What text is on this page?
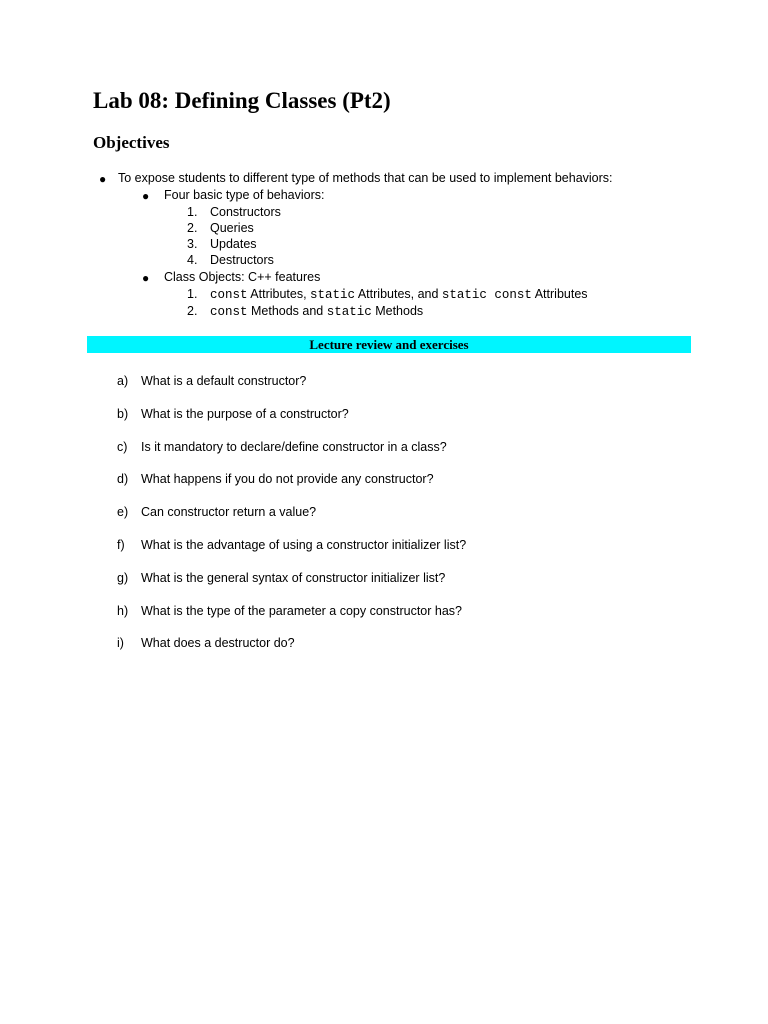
Lab 08: Defining Classes (Pt2)
Objectives
● To expose students to different type of methods that can be used to implement behaviors:
● Four basic type of behaviors:
1. Constructors
2. Queries
3. Updates
4. Destructors
● Class Objects: C++ features
1. const Attributes, static Attributes, and static const Attributes
2. const Methods and static Methods
Lecture review and exercises
a) What is a default constructor?
b) What is the purpose of a constructor?
c) Is it mandatory to declare/define constructor in a class?
d) What happens if you do not provide any constructor?
e) Can constructor return a value?
f) What is the advantage of using a constructor initializer list?
g) What is the general syntax of constructor initializer list?
h) What is the type of the parameter a copy constructor has?
i) What does a destructor do?
